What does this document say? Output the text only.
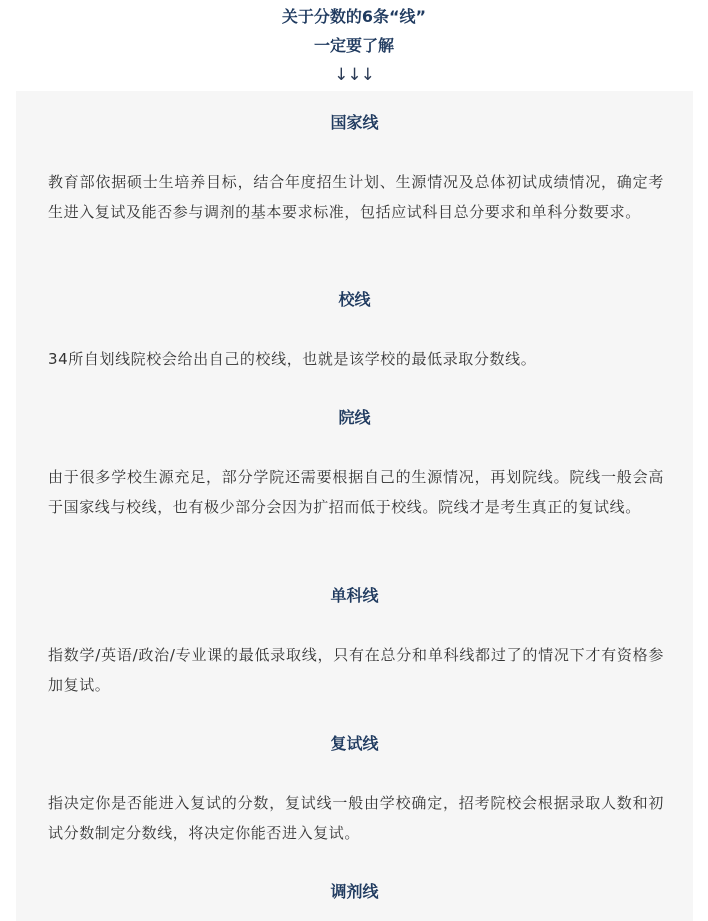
关于分数的6条“线”
一定要了解
↓↓↓
国家线

教育部依据硕士生培养目标，结合年度招生计划、生源情况及总体初试成绩情况，确定考生进入复试及能否参与调剂的基本要求标准，包括应试科目总分要求和单科分数要求。

校线

34所自划线院校会给出自己的校线，也就是该学校的最低录取分数线。

院线

由于很多学校生源充足，部分学院还需要根据自己的生源情况，再划院线。院线一般会高于国家线与校线，也有极少部分会因为扩招而低于校线。院线才是考生真正的复试线。

单科线

指数学/英语/政治/专业课的最低录取线，只有在总分和单科线都过了的情况下才有资格参加复试。

复试线

指决定你是否能进入复试的分数，复试线一般由学校确定，招考院校会根据录取人数和初试分数制定分数线，将决定你能否进入复试。

调剂线
